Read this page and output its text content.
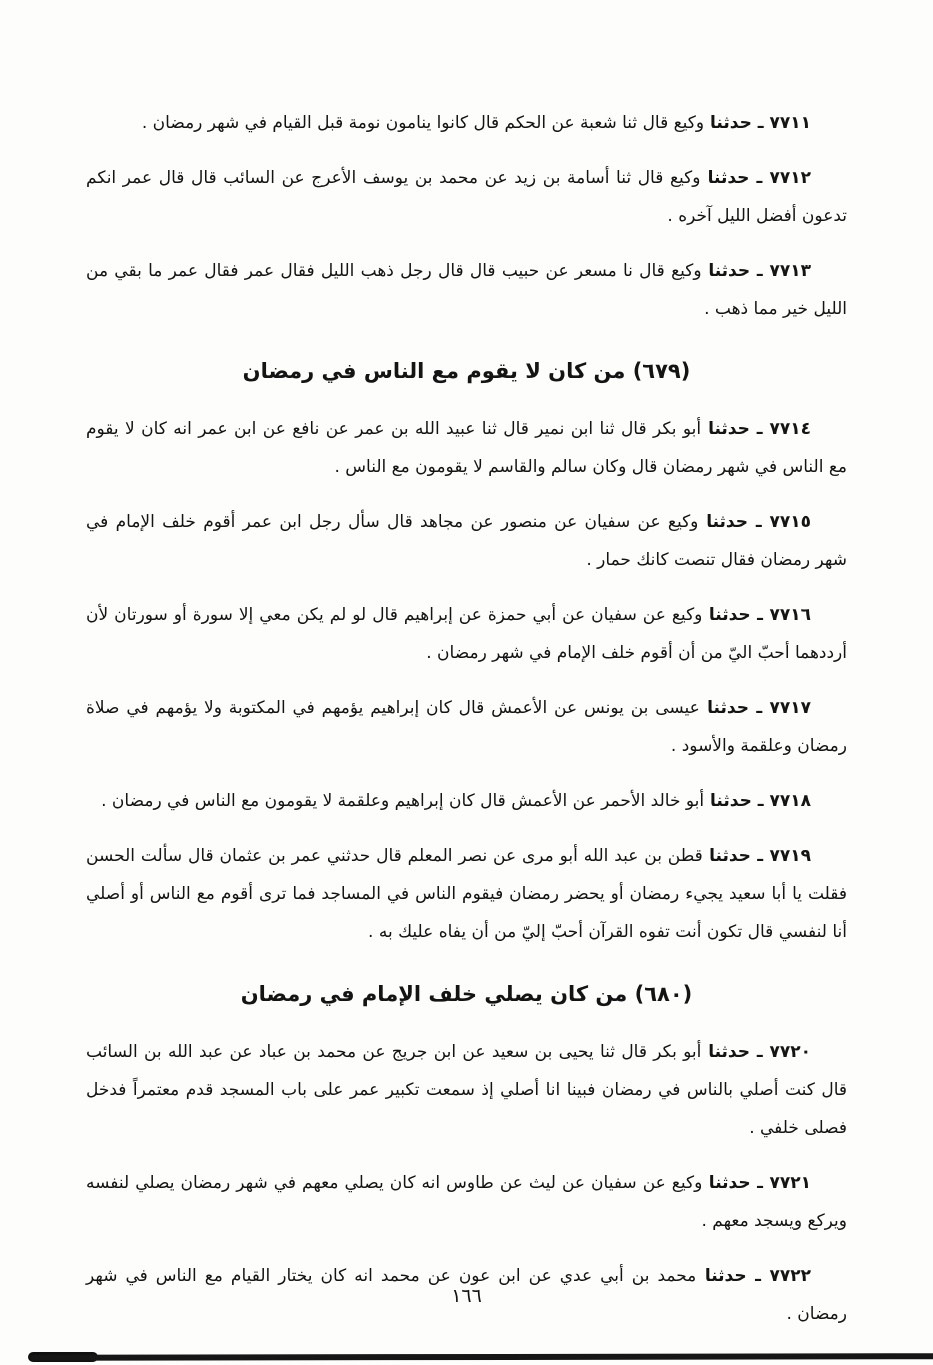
٧٧١١ ـ حدثنا وكيع قال ثنا شعبة عن الحكم قال كانوا ينامون نومة قبل القيام في شهر رمضان .

٧٧١٢ ـ حدثنا وكيع قال ثنا أسامة بن زيد عن محمد بن يوسف الأعرج عن السائب قال قال عمر انكم تدعون أفضل الليل آخره .

٧٧١٣ ـ حدثنا وكيع قال نا مسعر عن حبيب قال قال رجل ذهب الليل فقال عمر فقال عمر ما بقي من الليل خير مما ذهب .

(٦٧٩) من كان لا يقوم مع الناس في رمضان

٧٧١٤ ـ حدثنا أبو بكر قال ثنا ابن نمير قال ثنا عبيد الله بن عمر عن نافع عن ابن عمر انه كان لا يقوم مع الناس في شهر رمضان قال وكان سالم والقاسم لا يقومون مع الناس .

٧٧١٥ ـ حدثنا وكيع عن سفيان عن منصور عن مجاهد قال سأل رجل ابن عمر أقوم خلف الإمام في شهر رمضان فقال تنصت كانك حمار .

٧٧١٦ ـ حدثنا وكيع عن سفيان عن أبي حمزة عن إبراهيم قال لو لم يكن معي إلا سورة أو سورتان لأن أرددهما أحبّ اليّ من أن أقوم خلف الإمام في شهر رمضان .

٧٧١٧ ـ حدثنا عيسى بن يونس عن الأعمش قال كان إبراهيم يؤمهم في المكتوبة ولا يؤمهم في صلاة رمضان وعلقمة والأسود .

٧٧١٨ ـ حدثنا أبو خالد الأحمر عن الأعمش قال كان إبراهيم وعلقمة لا يقومون مع الناس في رمضان .

٧٧١٩ ـ حدثنا قطن بن عبد الله أبو مرى عن نصر المعلم قال حدثني عمر بن عثمان قال سألت الحسن فقلت يا أبا سعيد يجيء رمضان أو يحضر رمضان فيقوم الناس في المساجد فما ترى أقوم مع الناس أو أصلي أنا لنفسي قال تكون أنت تفوه القرآن أحبّ إليّ من أن يفاه عليك به .

(٦٨٠) من كان يصلي خلف الإمام في رمضان

٧٧٢٠ ـ حدثنا أبو بكر قال ثنا يحيى بن سعيد عن ابن جريج عن محمد بن عباد عن عبد الله بن السائب قال كنت أصلي بالناس في رمضان فبينا انا أصلي إذ سمعت تكبير عمر على باب المسجد قدم معتمراً فدخل فصلى خلفي .

٧٧٢١ ـ حدثنا وكيع عن سفيان عن ليث عن طاوس انه كان يصلي معهم في شهر رمضان يصلي لنفسه ويركع ويسجد معهم .

٧٧٢٢ ـ حدثنا محمد بن أبي عدي عن ابن عون عن محمد انه كان يختار القيام مع الناس في شهر رمضان .

١٦٦
